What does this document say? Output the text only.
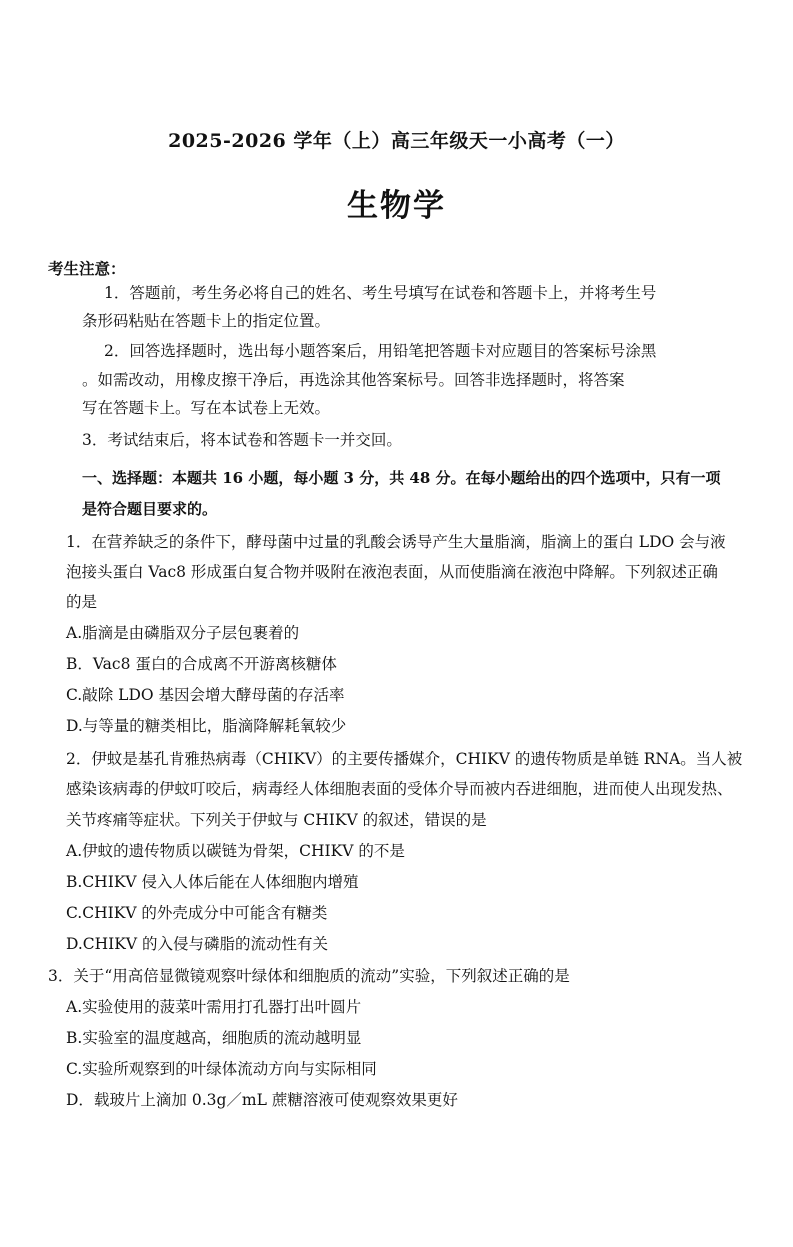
2025-2026 学年（上）高三年级天一小高考（一）
生物学
考生注意：
1．答题前，考生务必将自己的姓名、考生号填写在试卷和答题卡上，并将考生号
条形码粘贴在答题卡上的指定位置。
2．回答选择题时，选出每小题答案后，用铅笔把答题卡对应题目的答案标号涂黑
。如需改动，用橡皮擦干净后，再选涂其他答案标号。回答非选择题时，将答案
写在答题卡上。写在本试卷上无效。
3．考试结束后，将本试卷和答题卡一并交回。
一、选择题：本题共 16 小题，每小题 3 分，共 48 分。在每小题给出的四个选项中，只有一项
是符合题目要求的。
1．在营养缺乏的条件下，酵母菌中过量的乳酸会诱导产生大量脂滴，脂滴上的蛋白 LDO 会与液
泡接头蛋白 Vac8 形成蛋白复合物并吸附在液泡表面，从而使脂滴在液泡中降解。下列叙述正确
的是
A.脂滴是由磷脂双分子层包裹着的
B．Vac8 蛋白的合成离不开游离核糖体
C.敲除 LDO 基因会增大酵母菌的存活率
D.与等量的糖类相比，脂滴降解耗氧较少
2．伊蚊是基孔肯雅热病毒（CHIKV）的主要传播媒介，CHIKV 的遗传物质是单链 RNA。当人被
感染该病毒的伊蚊叮咬后，病毒经人体细胞表面的受体介导而被内吞进细胞，进而使人出现发热、
关节疼痛等症状。下列关于伊蚊与 CHIKV 的叙述，错误的是
A.伊蚊的遗传物质以碳链为骨架，CHIKV 的不是
B.CHIKV 侵入人体后能在人体细胞内增殖
C.CHIKV 的外壳成分中可能含有糖类
D.CHIKV 的入侵与磷脂的流动性有关
3．关于“用高倍显微镜观察叶绿体和细胞质的流动”实验，下列叙述正确的是
A.实验使用的菠菜叶需用打孔器打出叶圆片
B.实验室的温度越高，细胞质的流动越明显
C.实验所观察到的叶绿体流动方向与实际相同
D．载玻片上滴加 0.3g／mL 蔗糖溶液可使观察效果更好
